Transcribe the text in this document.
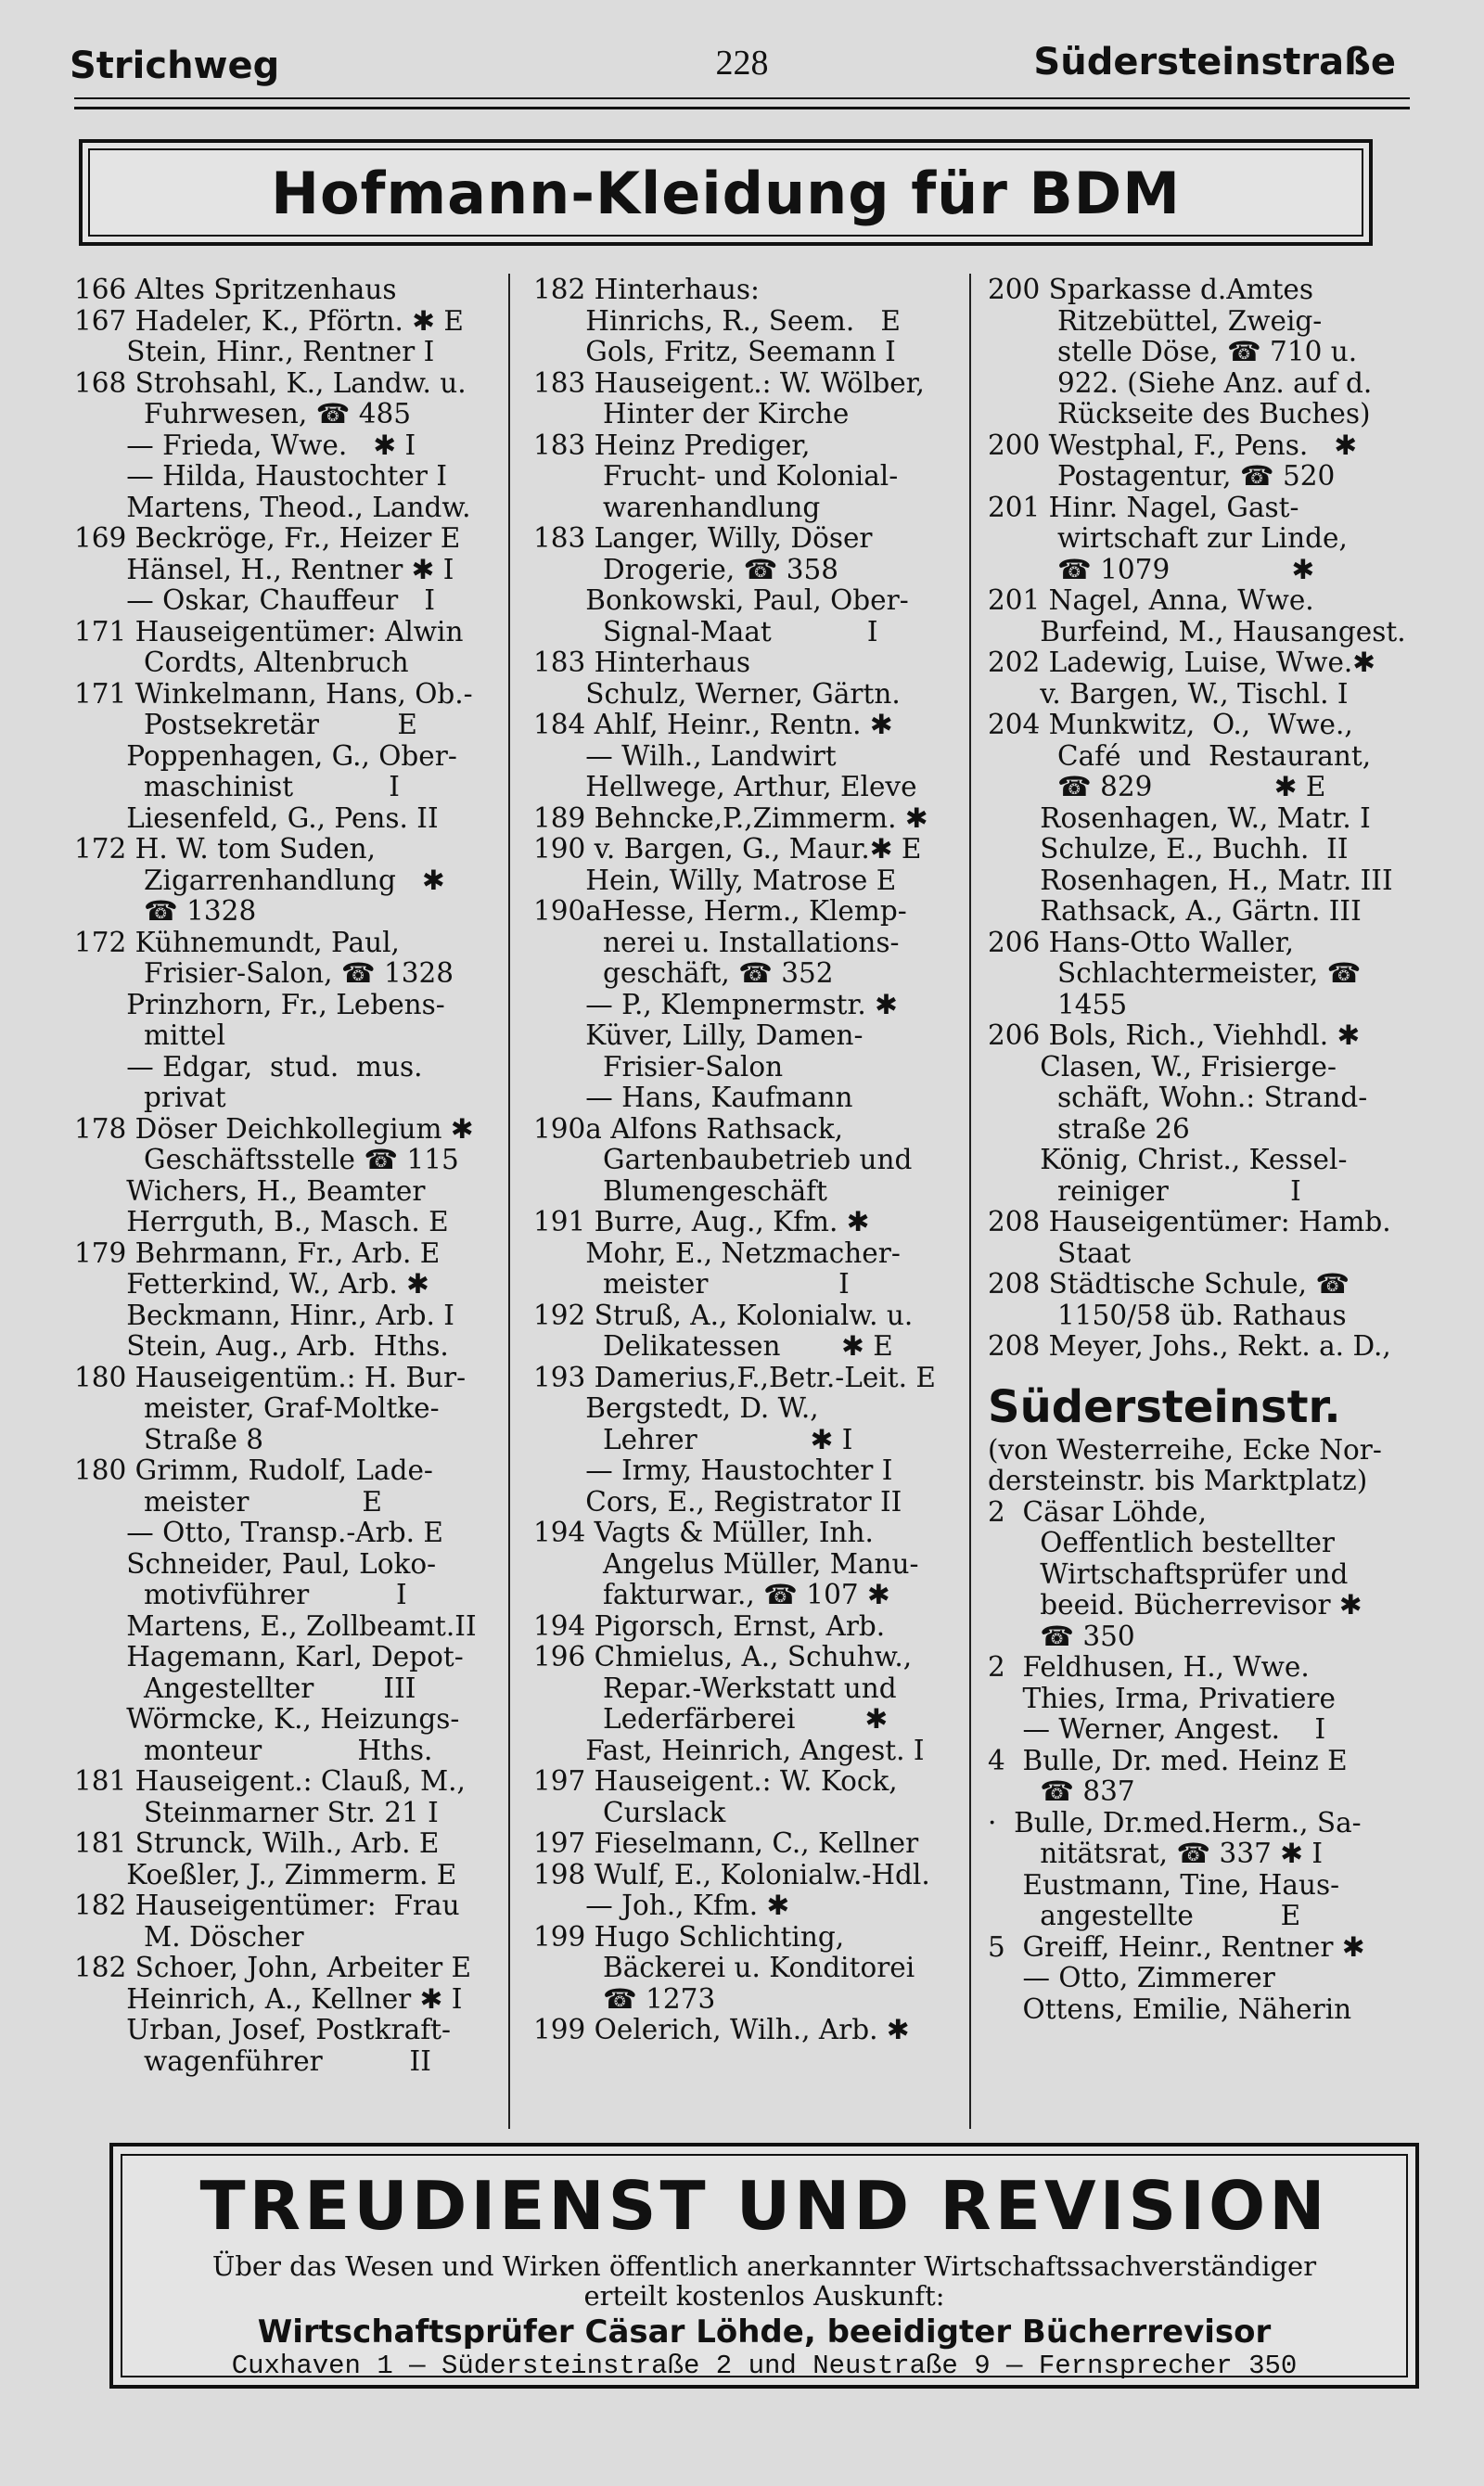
Strichweg	228	Südersteinstraße
Hofmann-Kleidung für BDM
166 Altes Spritzenhaus
167 Hadeler, K., Pförtn. ✱ E
Stein, Hinr., Rentner I
168 Strohsahl, K., Landw. u.
Fuhrwesen, ☎ 485
— Frieda, Wwe.   ✱ I
— Hilda, Haustochter I
Martens, Theod., Landw.
169 Beckröge, Fr., Heizer E
Hänsel, H., Rentner ✱ I
— Oskar, Chauffeur   I
171 Hauseigentümer: Alwin
Cordts, Altenbruch
171 Winkelmann, Hans, Ob.-
Postsekretär         E
Poppenhagen, G., Ober-
maschinist           I
Liesenfeld, G., Pens. II
172 H. W. tom Suden,
Zigarrenhandlung   ✱
☎ 1328
172 Kühnemundt, Paul,
Frisier-Salon, ☎ 1328
Prinzhorn, Fr., Lebens-
mittel
— Edgar,  stud.  mus.
privat
178 Döser Deichkollegium ✱
Geschäftsstelle ☎ 115
Wichers, H., Beamter
Herrguth, B., Masch. E
179 Behrmann, Fr., Arb. E
Fetterkind, W., Arb. ✱
Beckmann, Hinr., Arb. I
Stein, Aug., Arb.  Hths.
180 Hauseigentüm.: H. Bur-
meister, Graf-Moltke-
Straße 8
180 Grimm, Rudolf, Lade-
meister             E
— Otto, Transp.-Arb. E
Schneider, Paul, Loko-
motivführer          I
Martens, E., Zollbeamt.II
Hagemann, Karl, Depot-
Angestellter        III
Wörmcke, K., Heizungs-
monteur           Hths.
181 Hauseigent.: Clauß, M.,
Steinmarner Str. 21 I
181 Strunck, Wilh., Arb. E
Koeßler, J., Zimmerm. E
182 Hauseigentümer:  Frau
M. Döscher
182 Schoer, John, Arbeiter E
Heinrich, A., Kellner ✱ I
Urban, Josef, Postkraft-
wagenführer          II
182 Hinterhaus:
Hinrichs, R., Seem.   E
Gols, Fritz, Seemann I
183 Hauseigent.: W. Wölber,
Hinter der Kirche
183 Heinz Prediger,
Frucht- und Kolonial-
warenhandlung
183 Langer, Willy, Döser
Drogerie, ☎ 358
Bonkowski, Paul, Ober-
Signal-Maat           I
183 Hinterhaus
Schulz, Werner, Gärtn.
184 Ahlf, Heinr., Rentn. ✱
— Wilh., Landwirt
Hellwege, Arthur, Eleve
189 Behncke,P.,Zimmerm. ✱
190 v. Bargen, G., Maur.✱ E
Hein, Willy, Matrose E
190aHesse, Herm., Klemp-
nerei u. Installations-
geschäft, ☎ 352
— P., Klempnermstr. ✱
Küver, Lilly, Damen-
Frisier-Salon
— Hans, Kaufmann
190a Alfons Rathsack,
Gartenbaubetrieb und
Blumengeschäft
191 Burre, Aug., Kfm. ✱
Mohr, E., Netzmacher-
meister               I
192 Struß, A., Kolonialw. u.
Delikatessen       ✱ E
193 Damerius,F.,Betr.-Leit. E
Bergstedt, D. W.,
Lehrer             ✱ I
— Irmy, Haustochter I
Cors, E., Registrator II
194 Vagts & Müller, Inh.
Angelus Müller, Manu-
fakturwar., ☎ 107 ✱
194 Pigorsch, Ernst, Arb.
196 Chmielus, A., Schuhw.,
Repar.-Werkstatt und
Lederfärberei        ✱
Fast, Heinrich, Angest. I
197 Hauseigent.: W. Kock,
Curslack
197 Fieselmann, C., Kellner
198 Wulf, E., Kolonialw.-Hdl.
— Joh., Kfm. ✱
199 Hugo Schlichting,
Bäckerei u. Konditorei
☎ 1273
199 Oelerich, Wilh., Arb. ✱
200 Sparkasse d.Amtes
Ritzebüttel, Zweig-
stelle Döse, ☎ 710 u.
922. (Siehe Anz. auf d.
Rückseite des Buches)
200 Westphal, F., Pens.   ✱
Postagentur, ☎ 520
201 Hinr. Nagel, Gast-
wirtschaft zur Linde,
☎ 1079              ✱
201 Nagel, Anna, Wwe.
Burfeind, M., Hausangest.
202 Ladewig, Luise, Wwe.✱
v. Bargen, W., Tischl. I
204 Munkwitz,  O.,  Wwe.,
Café  und  Restaurant,
☎ 829              ✱ E
Rosenhagen, W., Matr. I
Schulze, E., Buchh.  II
Rosenhagen, H., Matr. III
Rathsack, A., Gärtn. III
206 Hans-Otto Waller,
Schlachtermeister, ☎
1455
206 Bols, Rich., Viehhdl. ✱
Clasen, W., Frisierge-
schäft, Wohn.: Strand-
straße 26
König, Christ., Kessel-
reiniger              I
208 Hauseigentümer: Hamb.
Staat
208 Städtische Schule, ☎
1150/58 üb. Rathaus
208 Meyer, Johs., Rekt. a. D.,
Südersteinstr.
(von Westerreihe, Ecke Nor-
dersteinstr. bis Marktplatz)
2  Cäsar Löhde,
Oeffentlich bestellter
Wirtschaftsprüfer und
beeid. Bücherrevisor ✱
☎ 350
2  Feldhusen, H., Wwe.
Thies, Irma, Privatiere
— Werner, Angest.    I
4  Bulle, Dr. med. Heinz E
☎ 837
·  Bulle, Dr.med.Herm., Sa-
nitätsrat, ☎ 337 ✱ I
Eustmann, Tine, Haus-
angestellte          E
5  Greiff, Heinr., Rentner ✱
— Otto, Zimmerer
Ottens, Emilie, Näherin
TREUDIENST UND REVISION
Über das Wesen und Wirken öffentlich anerkannter Wirtschaftssachverständiger
erteilt kostenlos Auskunft:
Wirtschaftsprüfer Cäsar Löhde, beeidigter Bücherrevisor
Cuxhaven 1 — Südersteinstraße 2 und Neustraße 9 — Fernsprecher 350
